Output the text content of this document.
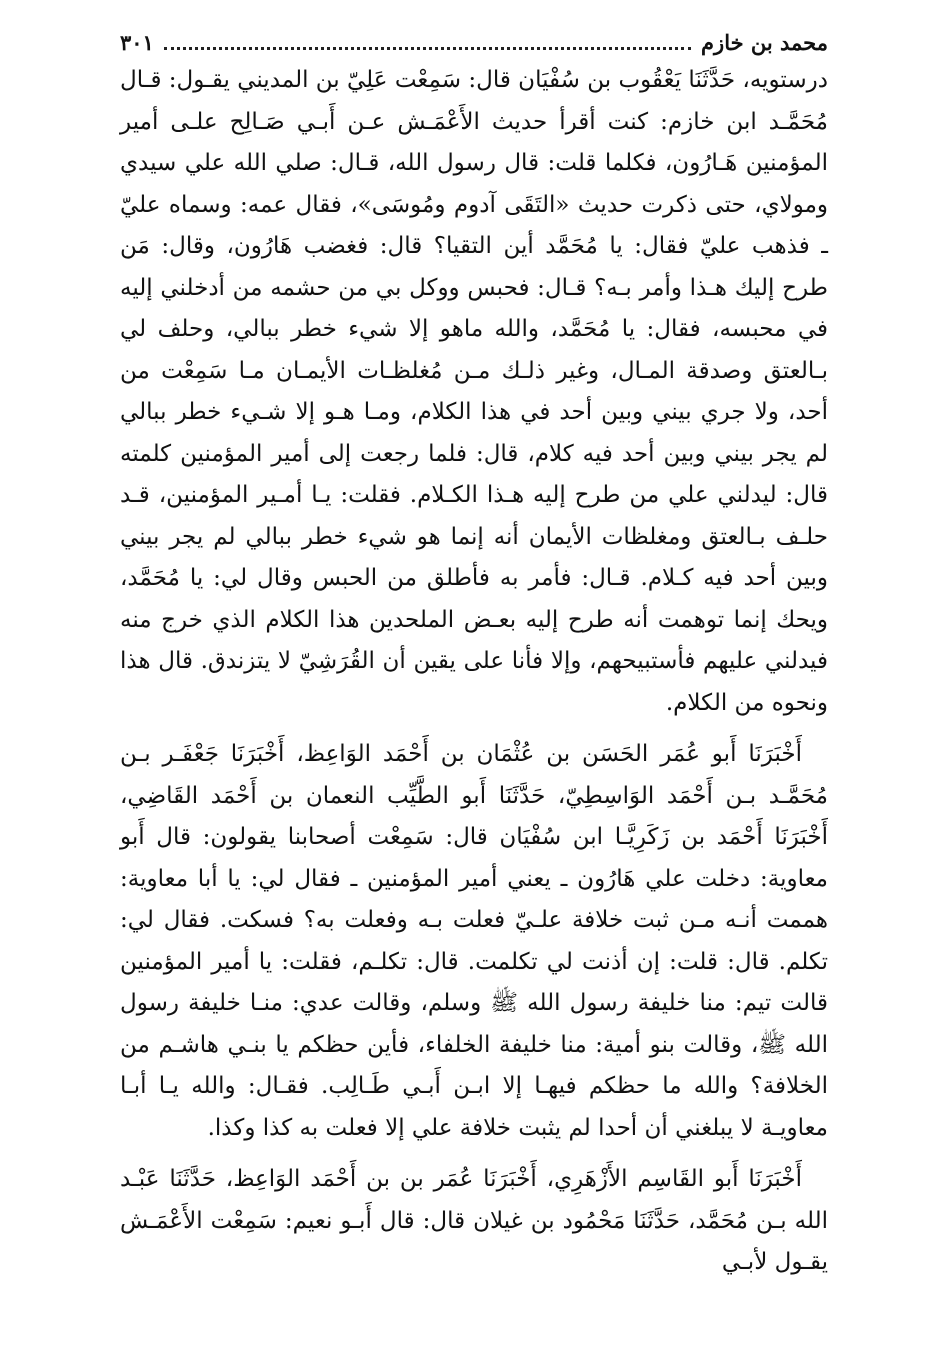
محمد بن خازم
٣٠١

درستويه، حَدَّثَنَا يَعْقُوب بن سُفْيَان قال: سَمِعْت عَلِيّ بن المديني يقـول: قـال مُحَمَّـد ابن خازم: كنت أقرأ حديث الأَعْمَـش عـن أَبـي صَـالِح علـى أمير المؤمنين هَـارُون، فكلما قلت: قال رسول الله، قـال: صلي الله علي سيدي ومولاي، حتى ذكرت حديث «التَقَى آدوم ومُوسَى»، فقال عمه: وسماه عليّ ـ فذهب عليّ فقال: يا مُحَمَّد أين التقيا؟ قال: فغضب هَارُون، وقال: مَن طرح إليك هـذا وأمر بـه؟ قـال: فحبس ووكل بي من حشمه من أدخلني إليه في محبسه، فقال: يا مُحَمَّد، والله ماهو إلا شيء خطر ببالي، وحلف لي بـالعتق وصدقة المـال، وغير ذلـك مـن مُغلظـات الأيمـان مـا سَمِعْت من أحد، ولا جري بيني وبين أحد في هذا الكلام، ومـا هـو إلا شـيء خطر ببالي لم يجر بيني وبين أحد فيه كلام، قال: فلما رجعت إلى أمير المؤمنين كلمته قال: ليدلني علي من طرح إليه هـذا الكـلام. فقلت: يـا أمـير المؤمنين، قـد حلـف بـالعتق ومغلظات الأيمان أنه إنما هو شيء خطر ببالي لم يجر بيني وبين أحد فيه كـلام. قـال: فأمر به فأطلق من الحبس وقال لي: يا مُحَمَّد، ويحك إنما توهمت أنه طرح إليه بعـض الملحدين هذا الكلام الذي خرج منه فيدلني عليهم فأستبيحهم، وإلا فأنا على يقين أن القُرَشِيّ لا يتزندق. قال هذا ونحوه من الكلام.

أَخْبَرَنَا أَبو عُمَر الحَسَن بن عُثْمَان بن أَحْمَد الوَاعِظ، أَخْبَرَنَا جَعْفَـر بـن مُحَمَّـد بـن أَحْمَد الوَاسِطِيّ، حَدَّثَنَا أَبو الطَّيِّب النعمان بن أَحْمَد القَاضِي، أَخْبَرَنَا أَحْمَد بن زَكَرِيَّـا ابن سُفْيَان قال: سَمِعْت أصحابنا يقولون: قال أَبو معاوية: دخلت علي هَارُون ـ يعني أمير المؤمنين ـ فقال لي: يا أبا معاوية: هممت أنـه مـن ثبت خلافة علـيّ فعلت بـه وفعلت به؟ فسكت. فقال لي: تكلم. قال: قلت: إن أذنت لي تكلمت. قال: تكلـم، فقلت: يا أمير المؤمنين قالت تيم: منا خليفة رسول الله ﷺ وسلم، وقالت عدي: منـا خليفة رسول الله ﷺ، وقالت بنو أمية: منا خليفة الخلفاء، فأين حظكم يا بنـي هاشـم من الخلافة؟ والله ما حظكم فيهـا إلا ابـن أَبـي طَـالِب. فقـال: والله يـا أبـا معاويـة لا يبلغني أن أحدا لم يثبت خلافة علي إلا فعلت به كذا وكذا.

أَخْبَرَنَا أَبو القَاسِم الأَزْهَرِي، أَخْبَرَنَا عُمَر بن بن أَحْمَد الوَاعِظ، حَدَّثَنَا عَبْـد الله بـن مُحَمَّد، حَدَّثَنَا مَحْمُود بن غيلان قال: قال أَبـو نعيم: سَمِعْت الأَعْمَـش يقـول لأبـي
